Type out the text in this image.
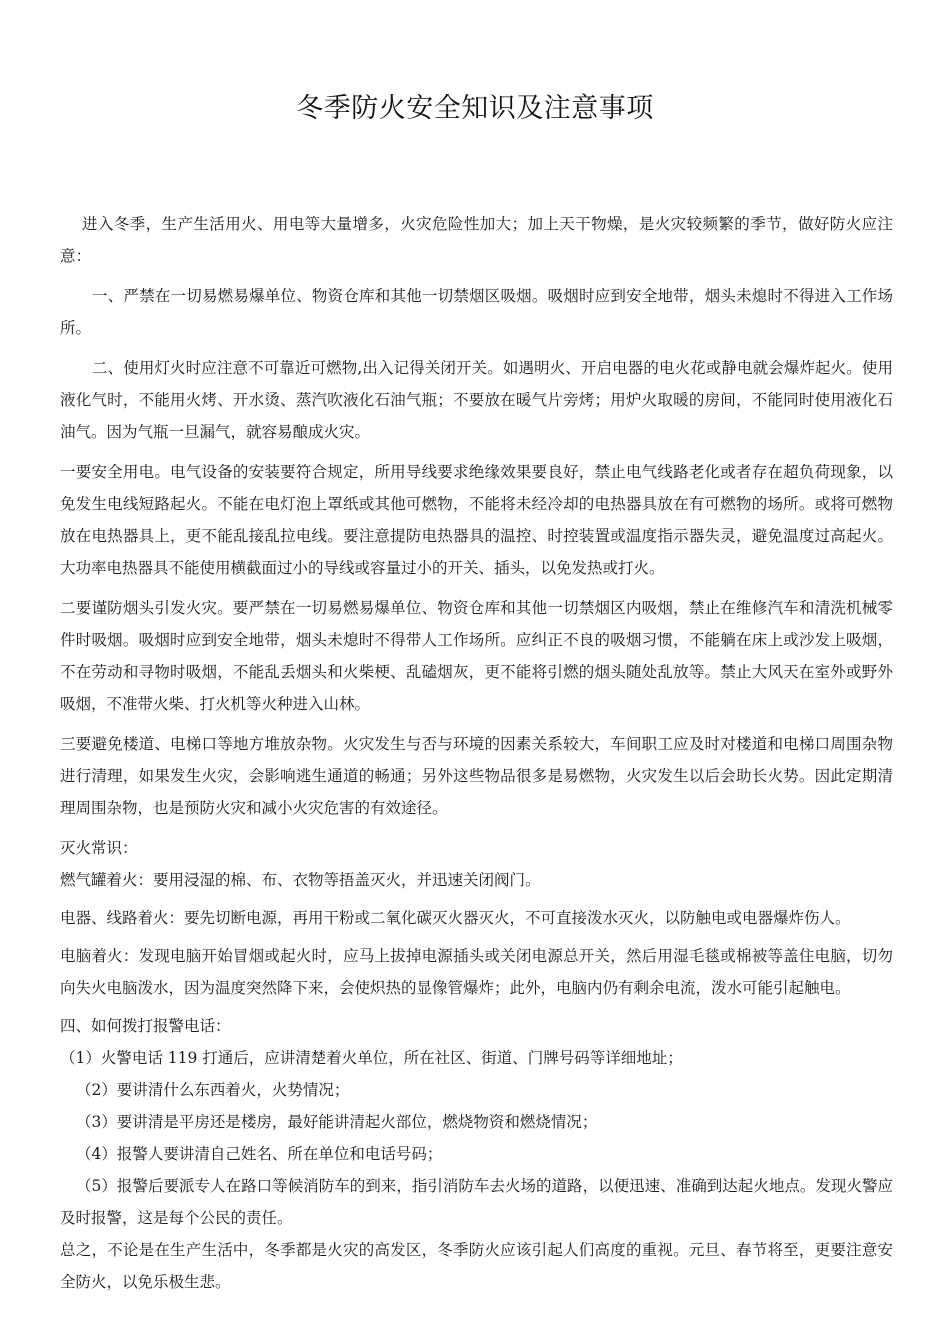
冬季防火安全知识及注意事项

进入冬季，生产生活用火、用电等大量增多，火灾危险性加大；加上天干物燥，是火灾较频繁的季节，做好防火应注意：

一、严禁在一切易燃易爆单位、物资仓库和其他一切禁烟区吸烟。吸烟时应到安全地带，烟头未熄时不得进入工作场所。

二、使用灯火时应注意不可靠近可燃物,出入记得关闭开关。如遇明火、开启电器的电火花或静电就会爆炸起火。使用液化气时，不能用火烤、开水烫、蒸汽吹液化石油气瓶；不要放在暖气片旁烤；用炉火取暖的房间，不能同时使用液化石油气。因为气瓶一旦漏气，就容易酿成火灾。

一要安全用电。电气设备的安装要符合规定，所用导线要求绝缘效果要良好，禁止电气线路老化或者存在超负荷现象，以免发生电线短路起火。不能在电灯泡上罩纸或其他可燃物，不能将未经冷却的电热器具放在有可燃物的场所。或将可燃物放在电热器具上，更不能乱接乱拉电线。要注意提防电热器具的温控、时控装置或温度指示器失灵，避免温度过高起火。大功率电热器具不能使用横截面过小的导线或容量过小的开关、插头，以免发热或打火。

二要谨防烟头引发火灾。要严禁在一切易燃易爆单位、物资仓库和其他一切禁烟区内吸烟，禁止在维修汽车和清洗机械零件时吸烟。吸烟时应到安全地带，烟头未熄时不得带人工作场所。应纠正不良的吸烟习惯，不能躺在床上或沙发上吸烟，不在劳动和寻物时吸烟，不能乱丢烟头和火柴梗、乱磕烟灰，更不能将引燃的烟头随处乱放等。禁止大风天在室外或野外吸烟，不准带火柴、打火机等火种进入山林。

三要避免楼道、电梯口等地方堆放杂物。火灾发生与否与环境的因素关系较大，车间职工应及时对楼道和电梯口周围杂物进行清理，如果发生火灾，会影响逃生通道的畅通；另外这些物品很多是易燃物，火灾发生以后会助长火势。因此定期清理周围杂物，也是预防火灾和减小火灾危害的有效途径。

灭火常识：

燃气罐着火：要用浸湿的棉、布、衣物等捂盖灭火，并迅速关闭阀门。

电器、线路着火：要先切断电源，再用干粉或二氧化碳灭火器灭火，不可直接泼水灭火，以防触电或电器爆炸伤人。

电脑着火：发现电脑开始冒烟或起火时，应马上拔掉电源插头或关闭电源总开关，然后用湿毛毯或棉被等盖住电脑，切勿向失火电脑泼水，因为温度突然降下来，会使炽热的显像管爆炸；此外，电脑内仍有剩余电流，泼水可能引起触电。

四、如何拨打报警电话：

（1）火警电话 119 打通后，应讲清楚着火单位，所在社区、街道、门牌号码等详细地址；

（2）要讲清什么东西着火，火势情况；

（3）要讲清是平房还是楼房，最好能讲清起火部位，燃烧物资和燃烧情况；

（4）报警人要讲清自己姓名、所在单位和电话号码；

（5）报警后要派专人在路口等候消防车的到来，指引消防车去火场的道路，以便迅速、准确到达起火地点。发现火警应及时报警，这是每个公民的责任。

总之，不论是在生产生活中，冬季都是火灾的高发区，冬季防火应该引起人们高度的重视。元旦、春节将至，更要注意安全防火，以免乐极生悲。
